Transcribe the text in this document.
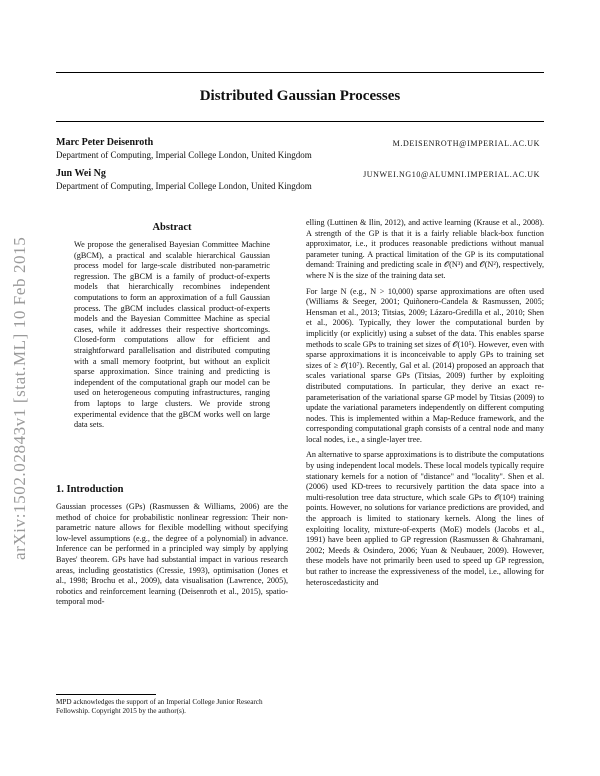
Distributed Gaussian Processes
Marc Peter Deisenroth	M.DEISENROTH@IMPERIAL.AC.UK
Department of Computing, Imperial College London, United Kingdom
Jun Wei Ng	JUNWEI.NG10@ALUMNI.IMPERIAL.AC.UK
Department of Computing, Imperial College London, United Kingdom
arXiv:1502.02843v1 [stat.ML] 10 Feb 2015
Abstract

We propose the generalised Bayesian Committee Machine (gBCM), a practical and scalable hierarchical Gaussian process model for large-scale distributed non-parametric regression. The gBCM is a family of product-of-experts models that hierarchically recombines independent computations to form an approximation of a full Gaussian process. The gBCM includes classical product-of-experts models and the Bayesian Committee Machine as special cases, while it addresses their respective shortcomings. Closed-form computations allow for efficient and straightforward parallelisation and distributed computing with a small memory footprint, but without an explicit sparse approximation. Since training and predicting is independent of the computational graph our model can be used on heterogeneous computing infrastructures, ranging from laptops to large clusters. We provide strong experimental evidence that the gBCM works well on large data sets.

1. Introduction

Gaussian processes (GPs) (Rasmussen & Williams, 2006) are the method of choice for probabilistic nonlinear regression: Their non-parametric nature allows for flexible modelling without specifying low-level assumptions (e.g., the degree of a polynomial) in advance. Inference can be performed in a principled way simply by applying Bayes' theorem. GPs have had substantial impact in various research areas, including geostatistics (Cressie, 1993), optimisation (Jones et al., 1998; Brochu et al., 2009), data visualisation (Lawrence, 2005), robotics and reinforcement learning (Deisenroth et al., 2015), spatio-temporal mod-

elling (Luttinen & Ilin, 2012), and active learning (Krause et al., 2008). A strength of the GP is that it is a fairly reliable black-box function approximator, i.e., it produces reasonable predictions without manual parameter tuning. A practical limitation of the GP is its computational demand: Training and predicting scale in 𝒪(N³) and 𝒪(N²), respectively, where N is the size of the training data set.

For large N (e.g., N > 10,000) sparse approximations are often used (Williams & Seeger, 2001; Quiñonero-Candela & Rasmussen, 2005; Hensman et al., 2013; Titsias, 2009; Lázaro-Gredilla et al., 2010; Shen et al., 2006). Typically, they lower the computational burden by implicitly (or explicitly) using a subset of the data. This enables sparse methods to scale GPs to training set sizes of 𝒪(10⁵). However, even with sparse approximations it is inconceivable to apply GPs to training set sizes of ≥ 𝒪(10⁷). Recently, Gal et al. (2014) proposed an approach that scales variational sparse GPs (Titsias, 2009) further by exploiting distributed computations. In particular, they derive an exact re-parameterisation of the variational sparse GP model by Titsias (2009) to update the variational parameters independently on different computing nodes. This is implemented within a Map-Reduce framework, and the corresponding computational graph consists of a central node and many local nodes, i.e., a single-layer tree.

An alternative to sparse approximations is to distribute the computations by using independent local models. These local models typically require stationary kernels for a notion of "distance" and "locality". Shen et al. (2006) used KD-trees to recursively partition the data space into a multi-resolution tree data structure, which scale GPs to 𝒪(10⁴) training points. However, no solutions for variance predictions are provided, and the approach is limited to stationary kernels. Along the lines of exploiting locality, mixture-of-experts (MoE) models (Jacobs et al., 1991) have been applied to GP regression (Rasmussen & Ghahramani, 2002; Meeds & Osindero, 2006; Yuan & Neubauer, 2009). However, these models have not primarily been used to speed up GP regression, but rather to increase the expressiveness of the model, i.e., allowing for heteroscedasticity and

MPD acknowledges the support of an Imperial College Junior Research Fellowship. Copyright 2015 by the author(s).
